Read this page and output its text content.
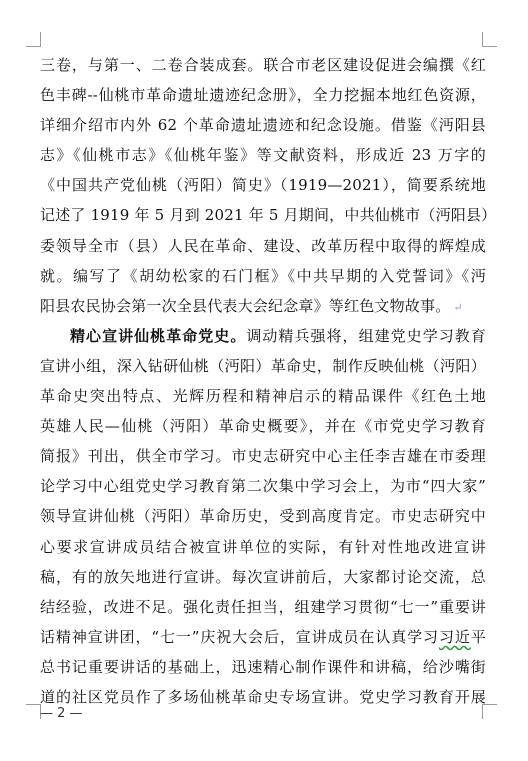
三卷，与第一、二卷合装成套。联合市老区建设促进会编撰《红
色丰碑--仙桃市革命遗址遗迹纪念册》，全力挖掘本地红色资源，
详细介绍市内外 62 个革命遗址遗迹和纪念设施。借鉴《沔阳县
志》《仙桃市志》《仙桃年鉴》等文献资料，形成近 23 万字的
《中国共产党仙桃（沔阳）简史》（1919—2021），简要系统地
记述了 1919 年 5 月到 2021 年 5 月期间，中共仙桃市（沔阳县）
委领导全市（县）人民在革命、建设、改革历程中取得的辉煌成
就。编写了《胡幼松家的石门框》《中共早期的入党誓词》《沔
阳县农民协会第一次全县代表大会纪念章》等红色文物故事。 ↵
精心宣讲仙桃革命党史。调动精兵强将，组建党史学习教育
宣讲小组，深入钻研仙桃（沔阳）革命史，制作反映仙桃（沔阳）
革命史突出特点、光辉历程和精神启示的精品课件《红色土地
英雄人民—仙桃（沔阳）革命史概要》，并在《市党史学习教育
简报》刊出，供全市学习。市史志研究中心主任李吉雄在市委理
论学习中心组党史学习教育第二次集中学习会上，为市“四大家”
领导宣讲仙桃（沔阳）革命历史，受到高度肯定。市史志研究中
心要求宣讲成员结合被宣讲单位的实际，有针对性地改进宣讲
稿，有的放矢地进行宣讲。每次宣讲前后，大家都讨论交流，总
结经验，改进不足。强化责任担当，组建学习贯彻“七一”重要讲
话精神宣讲团，“七一”庆祝大会后，宣讲成员在认真学习习近平
总书记重要讲话的基础上，迅速精心制作课件和讲稿，给沙嘴街
道的社区党员作了多场仙桃革命史专场宣讲。党史学习教育开展
— 2 —
